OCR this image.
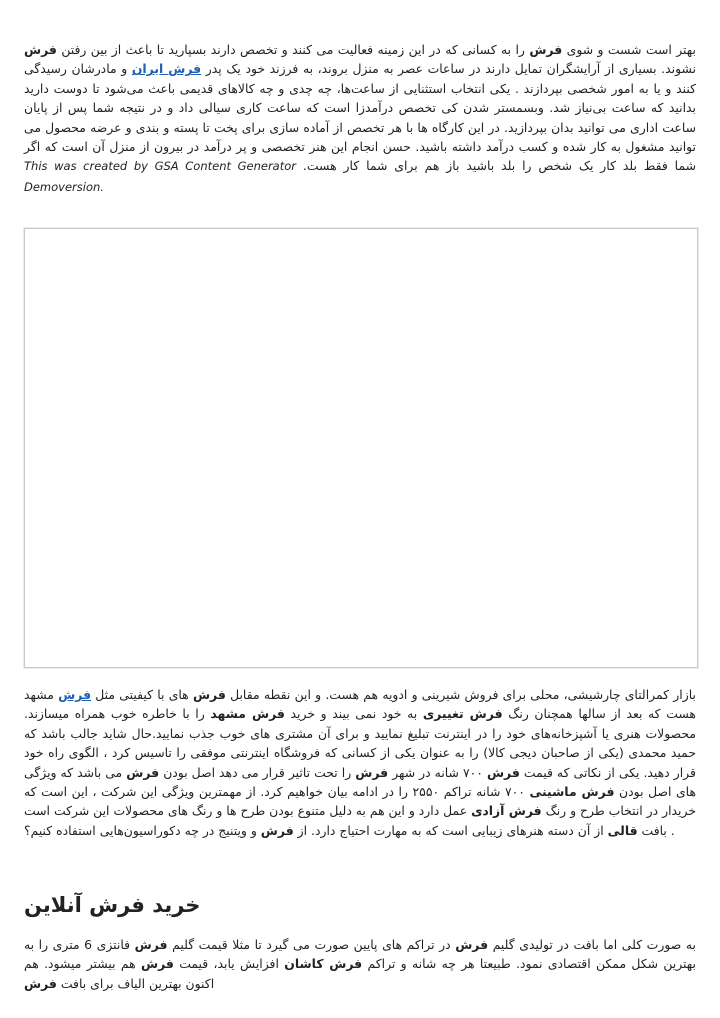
بهتر است شست و شوی فرش را به کسانی که در این زمینه فعالیت می کنند و تخصص دارند بسپارید تا باعث از بین رفتن فرش نشوند. بسیاری از آرایشگران تمایل دارند در ساعات عصر به منزل بروند، به فرزند خود یک پدر فرش ایران و مادرشان رسیدگی کنند و یا به امور شخصی بپردازند . یکی انتخاب استثنایی از ساعت‌ها، چه چدی و چه کالاهای قدیمی باعث می‌شود تا دوست دارید بدانید که ساعت بی‌نیاز شد. وبسمستر شدن کی تخصص درآمدزا است که ساعت کاری سیالی داد و در نتیجه شما پس از پایان ساعت اداری می توانید بدان بپردازید. در این کارگاه ها با هر تخصص از آماده سازی برای پخت تا پسته و بندی و عرضه محصول می توانید مشغول به کار شده و کسب درآمد داشته باشید. حسن انجام این هنر تخصصی و پر درآمد در بیرون از منزل آن است که اگر شما فقط بلد کار یک شخص را بلد باشید باز هم برای شما کار هست. This was created by GSA Content Generator Demoversion.

بازار کمرالتای چارشیشی، محلی برای فروش شیرینی و ادویه هم هست. و این نقطه مقابل فرش های با کیفیتی مثل فرش مشهد هست که بعد از سالها همچنان رنگ فرش تغییری به خود نمی بیند و خرید فرش مشهد را با خاطره خوب همراه میسازند. محصولات هنری یا آشپزخانه‌های خود را در اینترنت تبلیغ نمایید و برای آن مشتری های خوب جذب نمایید.حال شاید جالب باشد که حمید محمدی (یکی از صاحبان دیجی کالا) را به عنوان یکی از کسانی که فروشگاه اینترنتی موفقی را تاسیس کرد ، الگوی راه خود قرار دهید. یکی از نکاتی که قیمت فرش ۷۰۰ شانه در شهر فرش را تحت تاثیر قرار می دهد اصل بودن فرش می باشد که ویژگی های اصل بودن فرش ماشینی ۷۰۰ شانه تراکم ۲۵۵۰ را در ادامه بیان خواهیم کرد. از مهمترین ویژگی این شرکت ، این است که خریدار در انتخاب طرح و رنگ فرش آزادی عمل دارد و این هم به دلیل متنوع بودن طرح ها و رنگ های محصولات این شرکت است . بافت قالی از آن دسته هنرهای زیبایی است که به مهارت احتیاج دارد. از فرش و ویتنیج در چه دکوراسیون‌هایی استفاده کنیم؟

خرید فرش آنلاین

به صورت کلی اما بافت در تولیدی گلیم فرش در تراکم های پایین صورت می گیرد تا مثلا قیمت گلیم فرش فانتزی 6 متری را به بهترین شکل ممکن اقتصادی نمود. طبیعتا هر چه شانه و تراکم فرش کاشان افزایش یابد، قیمت فرش هم بیشتر میشود. هم اکنون بهترین الیاف برای بافت فرش
